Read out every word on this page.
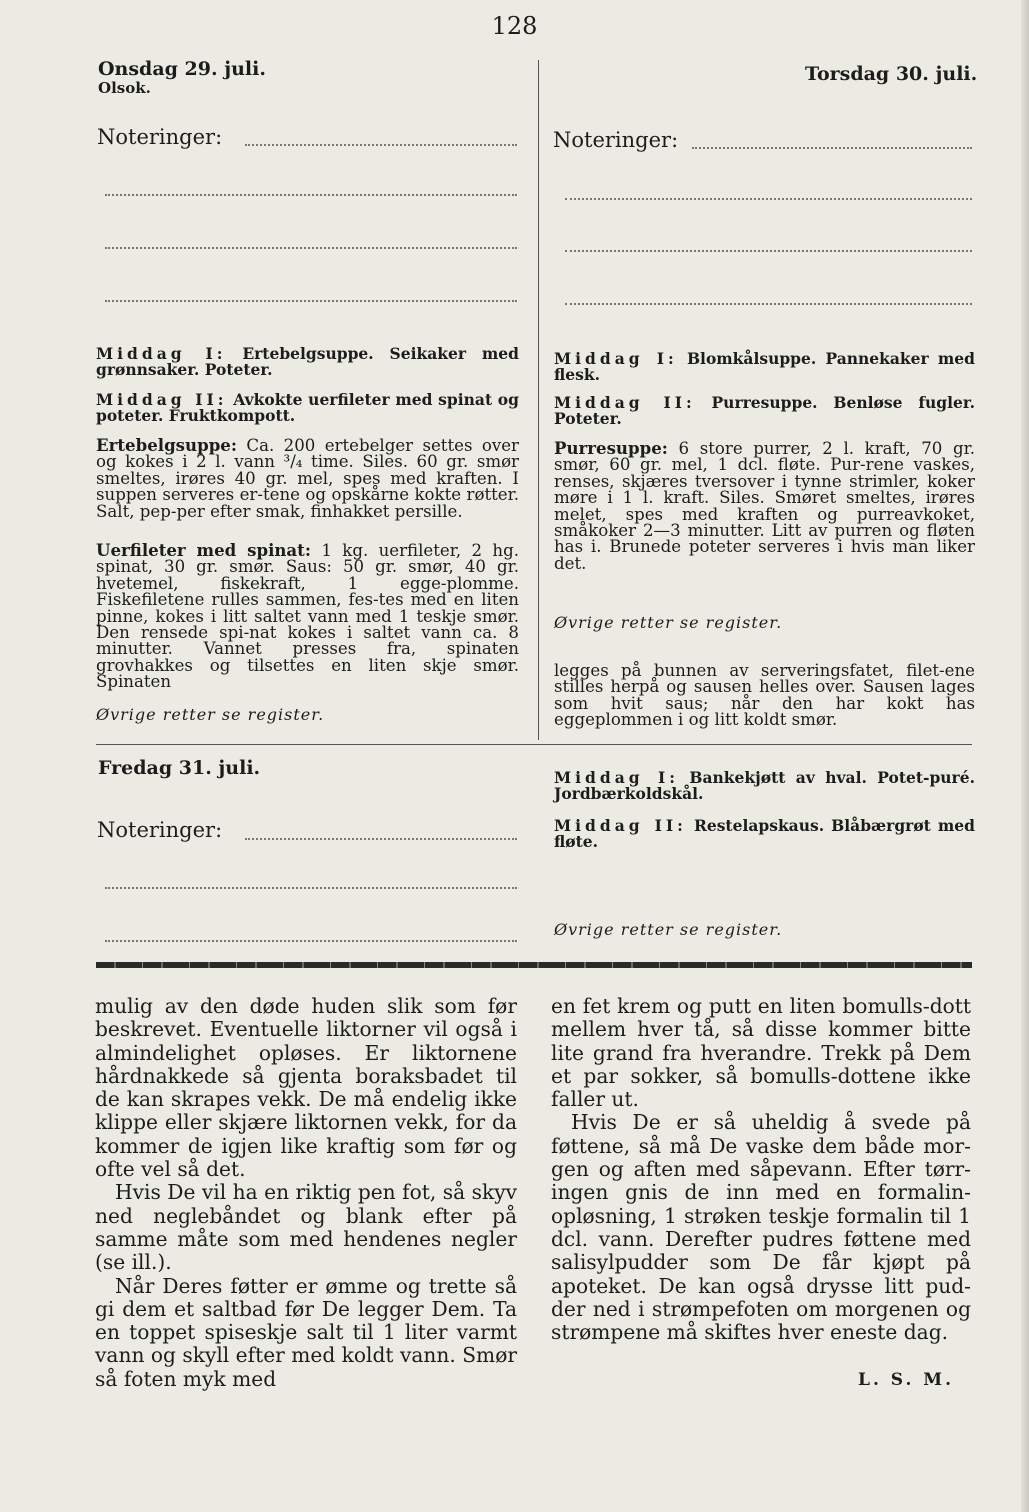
128
Onsdag 29. juli.
Olsok.
Noteringer:
Middag I: Ertebelgsuppe. Seikaker med grønnsaker. Poteter.
Middag II: Avkokte uerfileter med spinat og poteter. Fruktkompott.
Ertebelgsuppe: Ca. 200 ertebelger settes over og kokes i 2 l. vann ³/₄ time. Siles. 60 gr. smør smeltes, irøres 40 gr. mel, spes med kraften. I suppen serveres er-tene og opskårne kokte røtter. Salt, pep-per efter smak, finhakket persille.
Uerfileter med spinat: 1 kg. uerfileter, 2 hg. spinat, 30 gr. smør. Saus: 50 gr. smør, 40 gr. hvetemel, fiskekraft, 1 egge-plomme. Fiskefiletene rulles sammen, fes-tes med en liten pinne, kokes i litt saltet vann med 1 teskje smør. Den rensede spi-nat kokes i saltet vann ca. 8 minutter. Vannet presses fra, spinaten grovhakkes og tilsettes en liten skje smør. Spinaten
Øvrige retter se register.
Torsdag 30. juli.
Noteringer:
Middag I: Blomkålsuppe. Pannekaker med flesk.
Middag II: Purresuppe. Benløse fugler. Poteter.
Purresuppe: 6 store purrer, 2 l. kraft, 70 gr. smør, 60 gr. mel, 1 dcl. fløte. Pur-rene vaskes, renses, skjæres tversover i tynne strimler, koker møre i 1 l. kraft. Siles. Smøret smeltes, irøres melet, spes med kraften og purreavkoket, småkoker 2—3 minutter. Litt av purren og fløten has i. Brunede poteter serveres i hvis man liker det.
Øvrige retter se register.
legges på bunnen av serveringsfatet, filet-ene stilles herpå og sausen helles over. Sausen lages som hvit saus; når den har kokt has eggeplommen i og litt koldt smør.
Fredag 31. juli.
Noteringer:
Middag I: Bankekjøtt av hval. Potet-puré. Jordbærkoldskål.
Middag II: Restelapskaus. Blåbærgrøt med fløte.
Øvrige retter se register.

mulig av den døde huden slik som før beskrevet. Eventuelle liktorner vil også i almindelighet opløses. Er liktornene hårdnakkede så gjenta boraksbadet til de kan skrapes vekk. De må endelig ikke klippe eller skjære liktornen vekk, for da kommer de igjen like kraftig som før og ofte vel så det.

Hvis De vil ha en riktig pen fot, så skyv ned neglebåndet og blank efter på samme måte som med hendenes negler (se ill.).

Når Deres føtter er ømme og trette så gi dem et saltbad før De legger Dem. Ta en toppet spiseskje salt til 1 liter varmt vann og skyll efter med koldt vann. Smør så foten myk med

en fet krem og putt en liten bomulls-dott mellem hver tå, så disse kommer bitte lite grand fra hverandre. Trekk på Dem et par sokker, så bomulls-dottene ikke faller ut.

Hvis De er så uheldig å svede på føttene, så må De vaske dem både mor-gen og aften med såpevann. Efter tørr-ingen gnis de inn med en formalin-opløsning, 1 strøken teskje formalin til 1 dcl. vann. Derefter pudres føttene med salisylpudder som De får kjøpt på apoteket. De kan også drysse litt pud-der ned i strømpefoten om morgenen og strømpene må skiftes hver eneste dag.

L. S. M.
